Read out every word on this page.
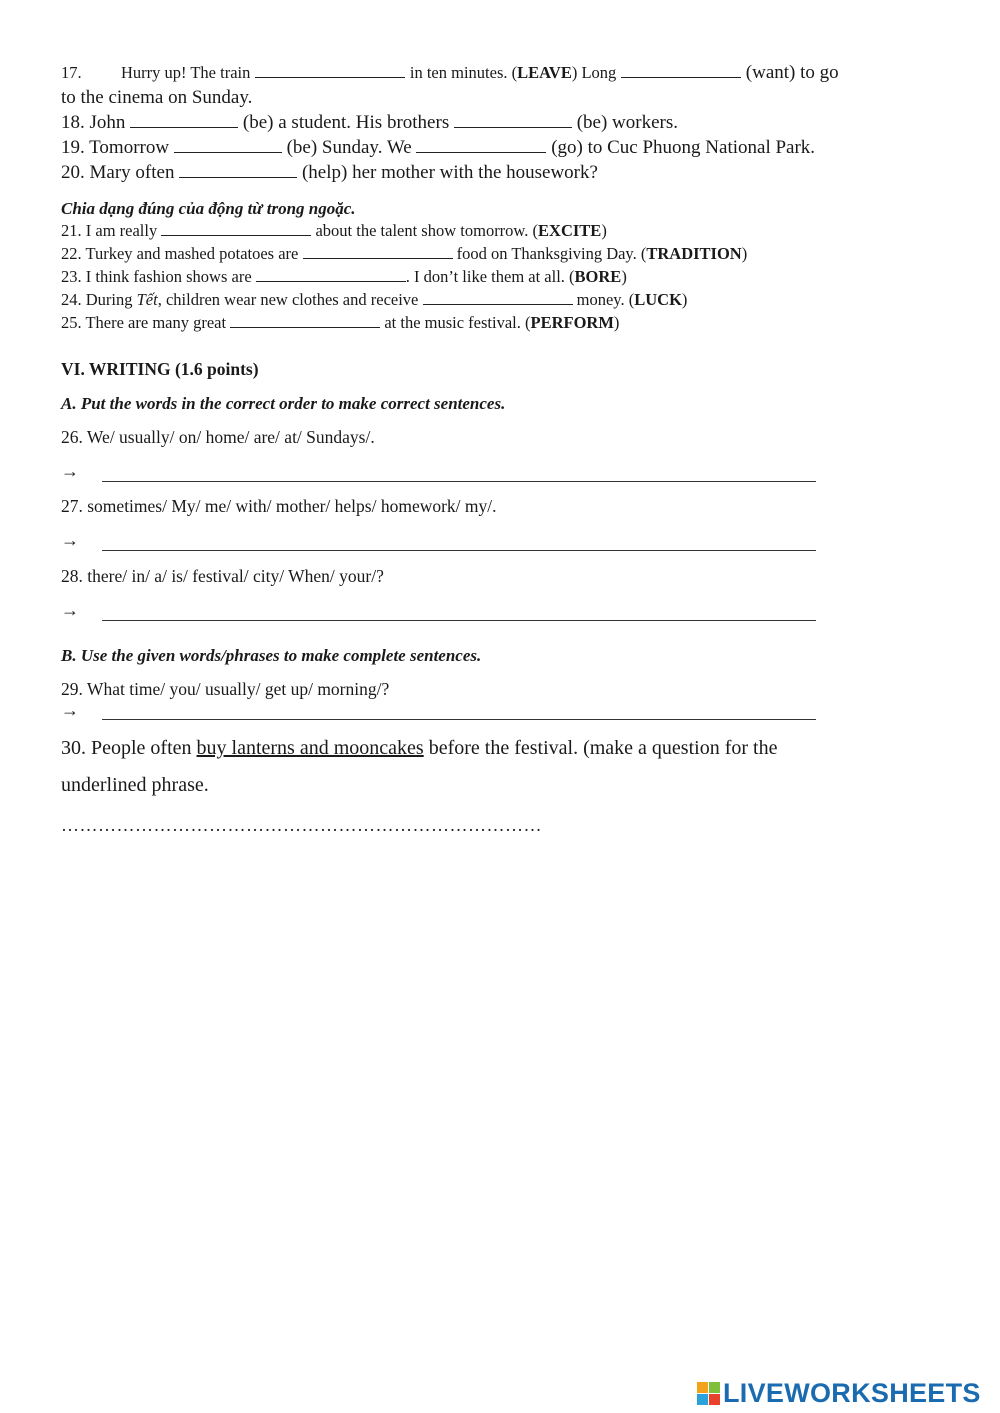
17. Hurry up! The train	in ten minutes. (LEAVE) Long	(want) to go
to the cinema on Sunday.
18. John	(be) a student. His brothers	(be) workers.
19. Tomorrow	(be) Sunday. We	(go) to Cuc Phuong National Park.
20. Mary often	(help) her mother with the housework?
Chia dạng đúng của động từ trong ngoặc.
21. I am really	about the talent show tomorrow. (EXCITE)
22. Turkey and mashed potatoes are	food on Thanksgiving Day. (TRADITION)
23. I think fashion shows are	. I don’t like them at all. (BORE)
24. During Tết, children wear new clothes and receive	money. (LUCK)
25. There are many great	at the music festival. (PERFORM)
VI. WRITING (1.6 points)
A. Put the words in the correct order to make correct sentences.
26. We/ usually/ on/ home/ are/ at/ Sundays/.
→
27. sometimes/ My/ me/ with/ mother/ helps/ homework/ my/.
→
28. there/ in/ a/ is/ festival/ city/ When/ your/?
→
B. Use the given words/phrases to make complete sentences.
29. What time/ you/ usually/ get up/ morning/?
→
30. People often buy lanterns and mooncakes before the festival. (make a question for the
underlined phrase.
……………………………………………………………………
LIVEWORKSHEETS
